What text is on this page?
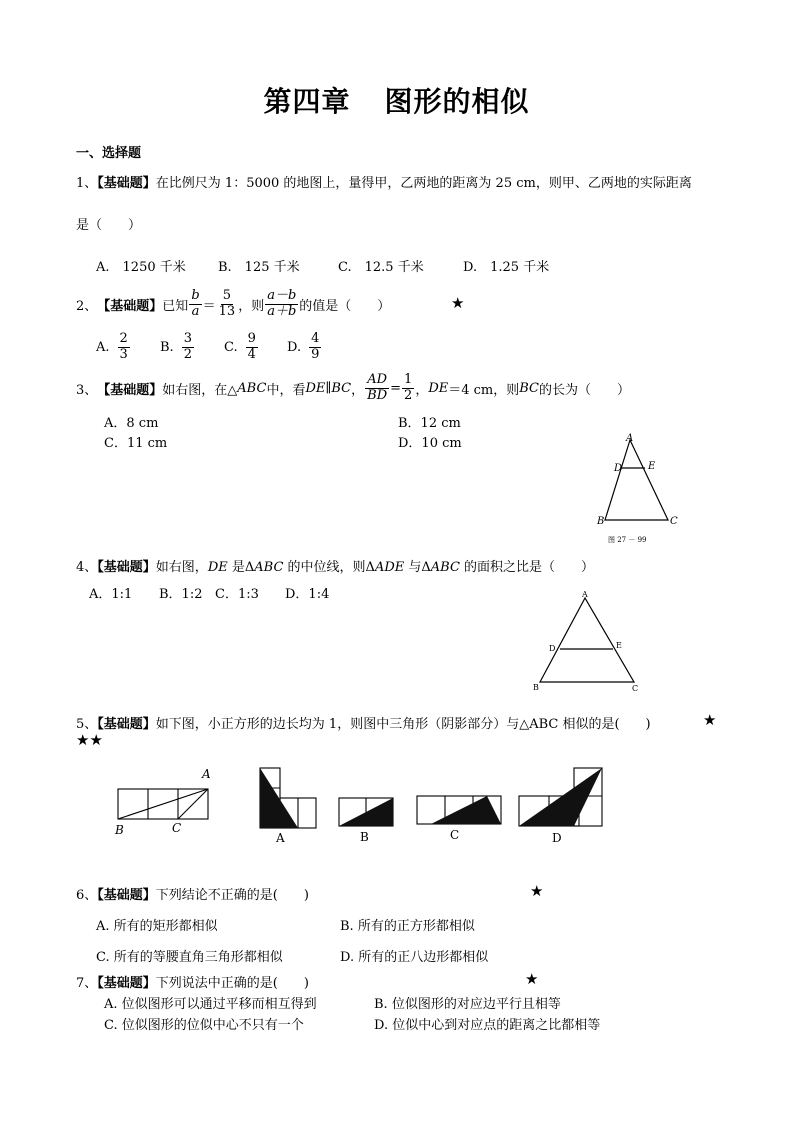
第四章 图形的相似
一、选择题
1、【基础题】在比例尺为 1：5000 的地图上，量得甲，乙两地的距离为 25 cm，则甲、乙两地的实际距离
是（　　）
A.　1250 千米 B.　125 千米	C.　12.5 千米	D.　1.25 千米
2、 【基础题】 已知 $\frac{b}{a} = \frac{5}{13}$ ，则 $\frac{a-b}{a+b}$ 的值是（　　）	★
A. $\frac{2}{3} B$. $\frac{3}{2} C$. $\frac{9}{4} D$. $\frac{4}{9}$
3、 【基础题】 如右图，在△ ABC 中，看 DE∥BC ， $\frac{AD}{BD} = \frac{1}{2}$ ， DE ＝4 cm，则 BC 的长为（　　）
A．8 cm	B．12 cm
C．11 cm	D．10 cm	A
D	E
B	C
图 27 － 99
4、【基础题】如右图，DE 是ΔABC 的中位线，则ΔADE 与ΔABC 的面积之比是（　　）
A．1:1 B．1:2 C．1:3 D．1:4	A
D	E
B	C
5、【基础题】如下图，小正方形的边长均为 1，则图中三角形（阴影部分）与△ABC 相似的是(　　)	★
★★
A
B	C
A	B	C	D
6、【基础题】下列结论不正确的是(　　)	★
A. 所有的矩形都相似	B. 所有的正方形都相似
C. 所有的等腰直角三角形都相似	D. 所有的正八边形都相似
7、【基础题】下列说法中正确的是(　　)	★
A. 位似图形可以通过平移而相互得到	B. 位似图形的对应边平行且相等
C. 位似图形的位似中心不只有一个	D. 位似中心到对应点的距离之比都相等
